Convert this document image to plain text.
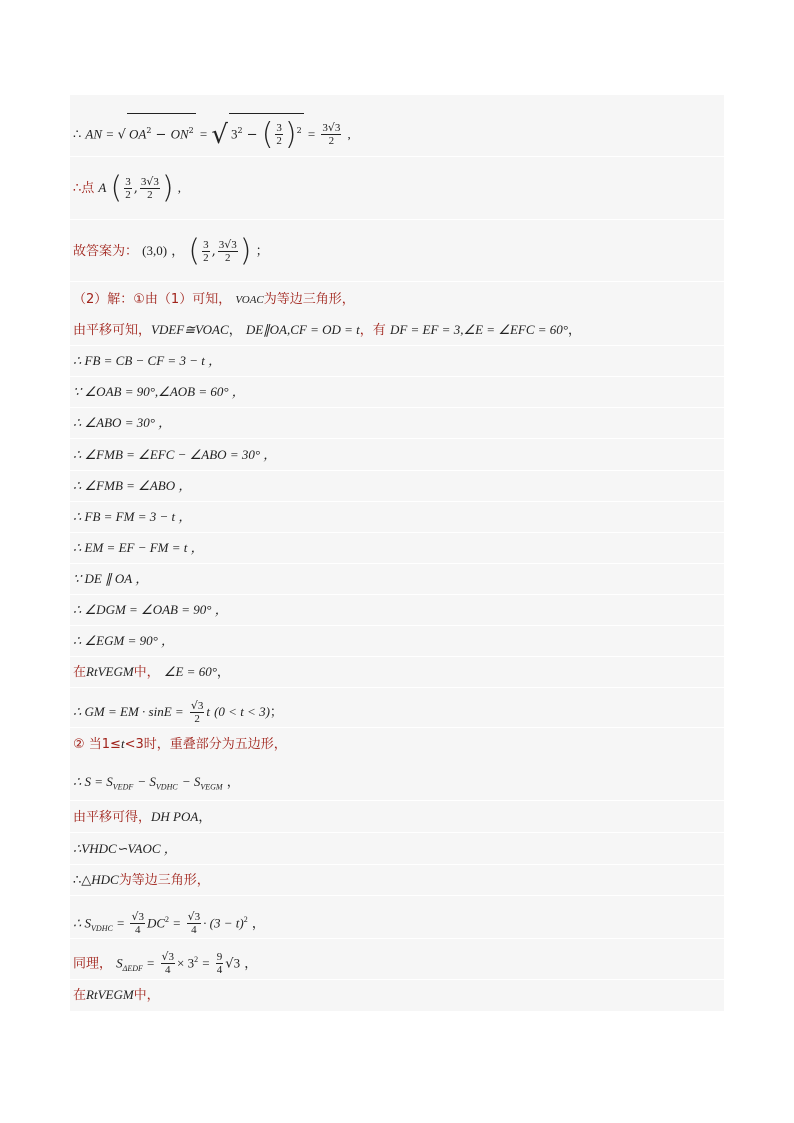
∴ AN = √ $OA^2 - ON^2$ = √ $3^2$ − ( $\frac{3}{2} )^2 = \frac{3√3}{2}$ ,
∴点 A ( $\frac{3}{2}$ , $\frac{3√3}{2}$ ) ,
故答案为： (3,0) ， ( $\frac{3}{2}$ , $\frac{3√3}{2}$ ) ；
（2）解：①由（1）可知， VOAC为等边三角形，
由平移可知，VDEF≅VOAC， DE∥OA,CF = OD = t，有 DF = EF = 3,∠E = ∠EFC = 60°，
∴ FB = CB − CF = 3 − t ，
∵ ∠OAB = 90°,∠AOB = 60° ，
∴ ∠ABO = 30° ，
∴ ∠FMB = ∠EFC − ∠ABO = 30° ，
∴ ∠FMB = ∠ABO ，
∴ FB = FM = 3 − t ，
∴ EM = EF − FM = t ，
∵ DE ∥ OA ，
∴ ∠DGM = ∠OAB = 90° ，
∴ ∠EGM = 90° ，
在RtVEGM中， ∠E = 60°，
∴ GM = EM · $\sin E = \frac{√3}{2}$ t (0 < t < 3)；
② 当1≤t<3时，重叠部分为五边形，
∴ $S = S_{VEDF} - S_{VDHC} - S_{VEGM}$ ，
由平移可得，DH POA，
∴VHDC∽VAOC ，
∴△HDC为等边三角形，
∴ $S_{VDHC} = \frac{√3}{4} DC^2 = \frac{√3}{4} \cdot (3 - t)^2$ ，
同理， $S_{\Delta EDF} = \frac{√3}{4} \times 3^2 = \frac{9}{4} √3$ ，
在RtVEGM中，
